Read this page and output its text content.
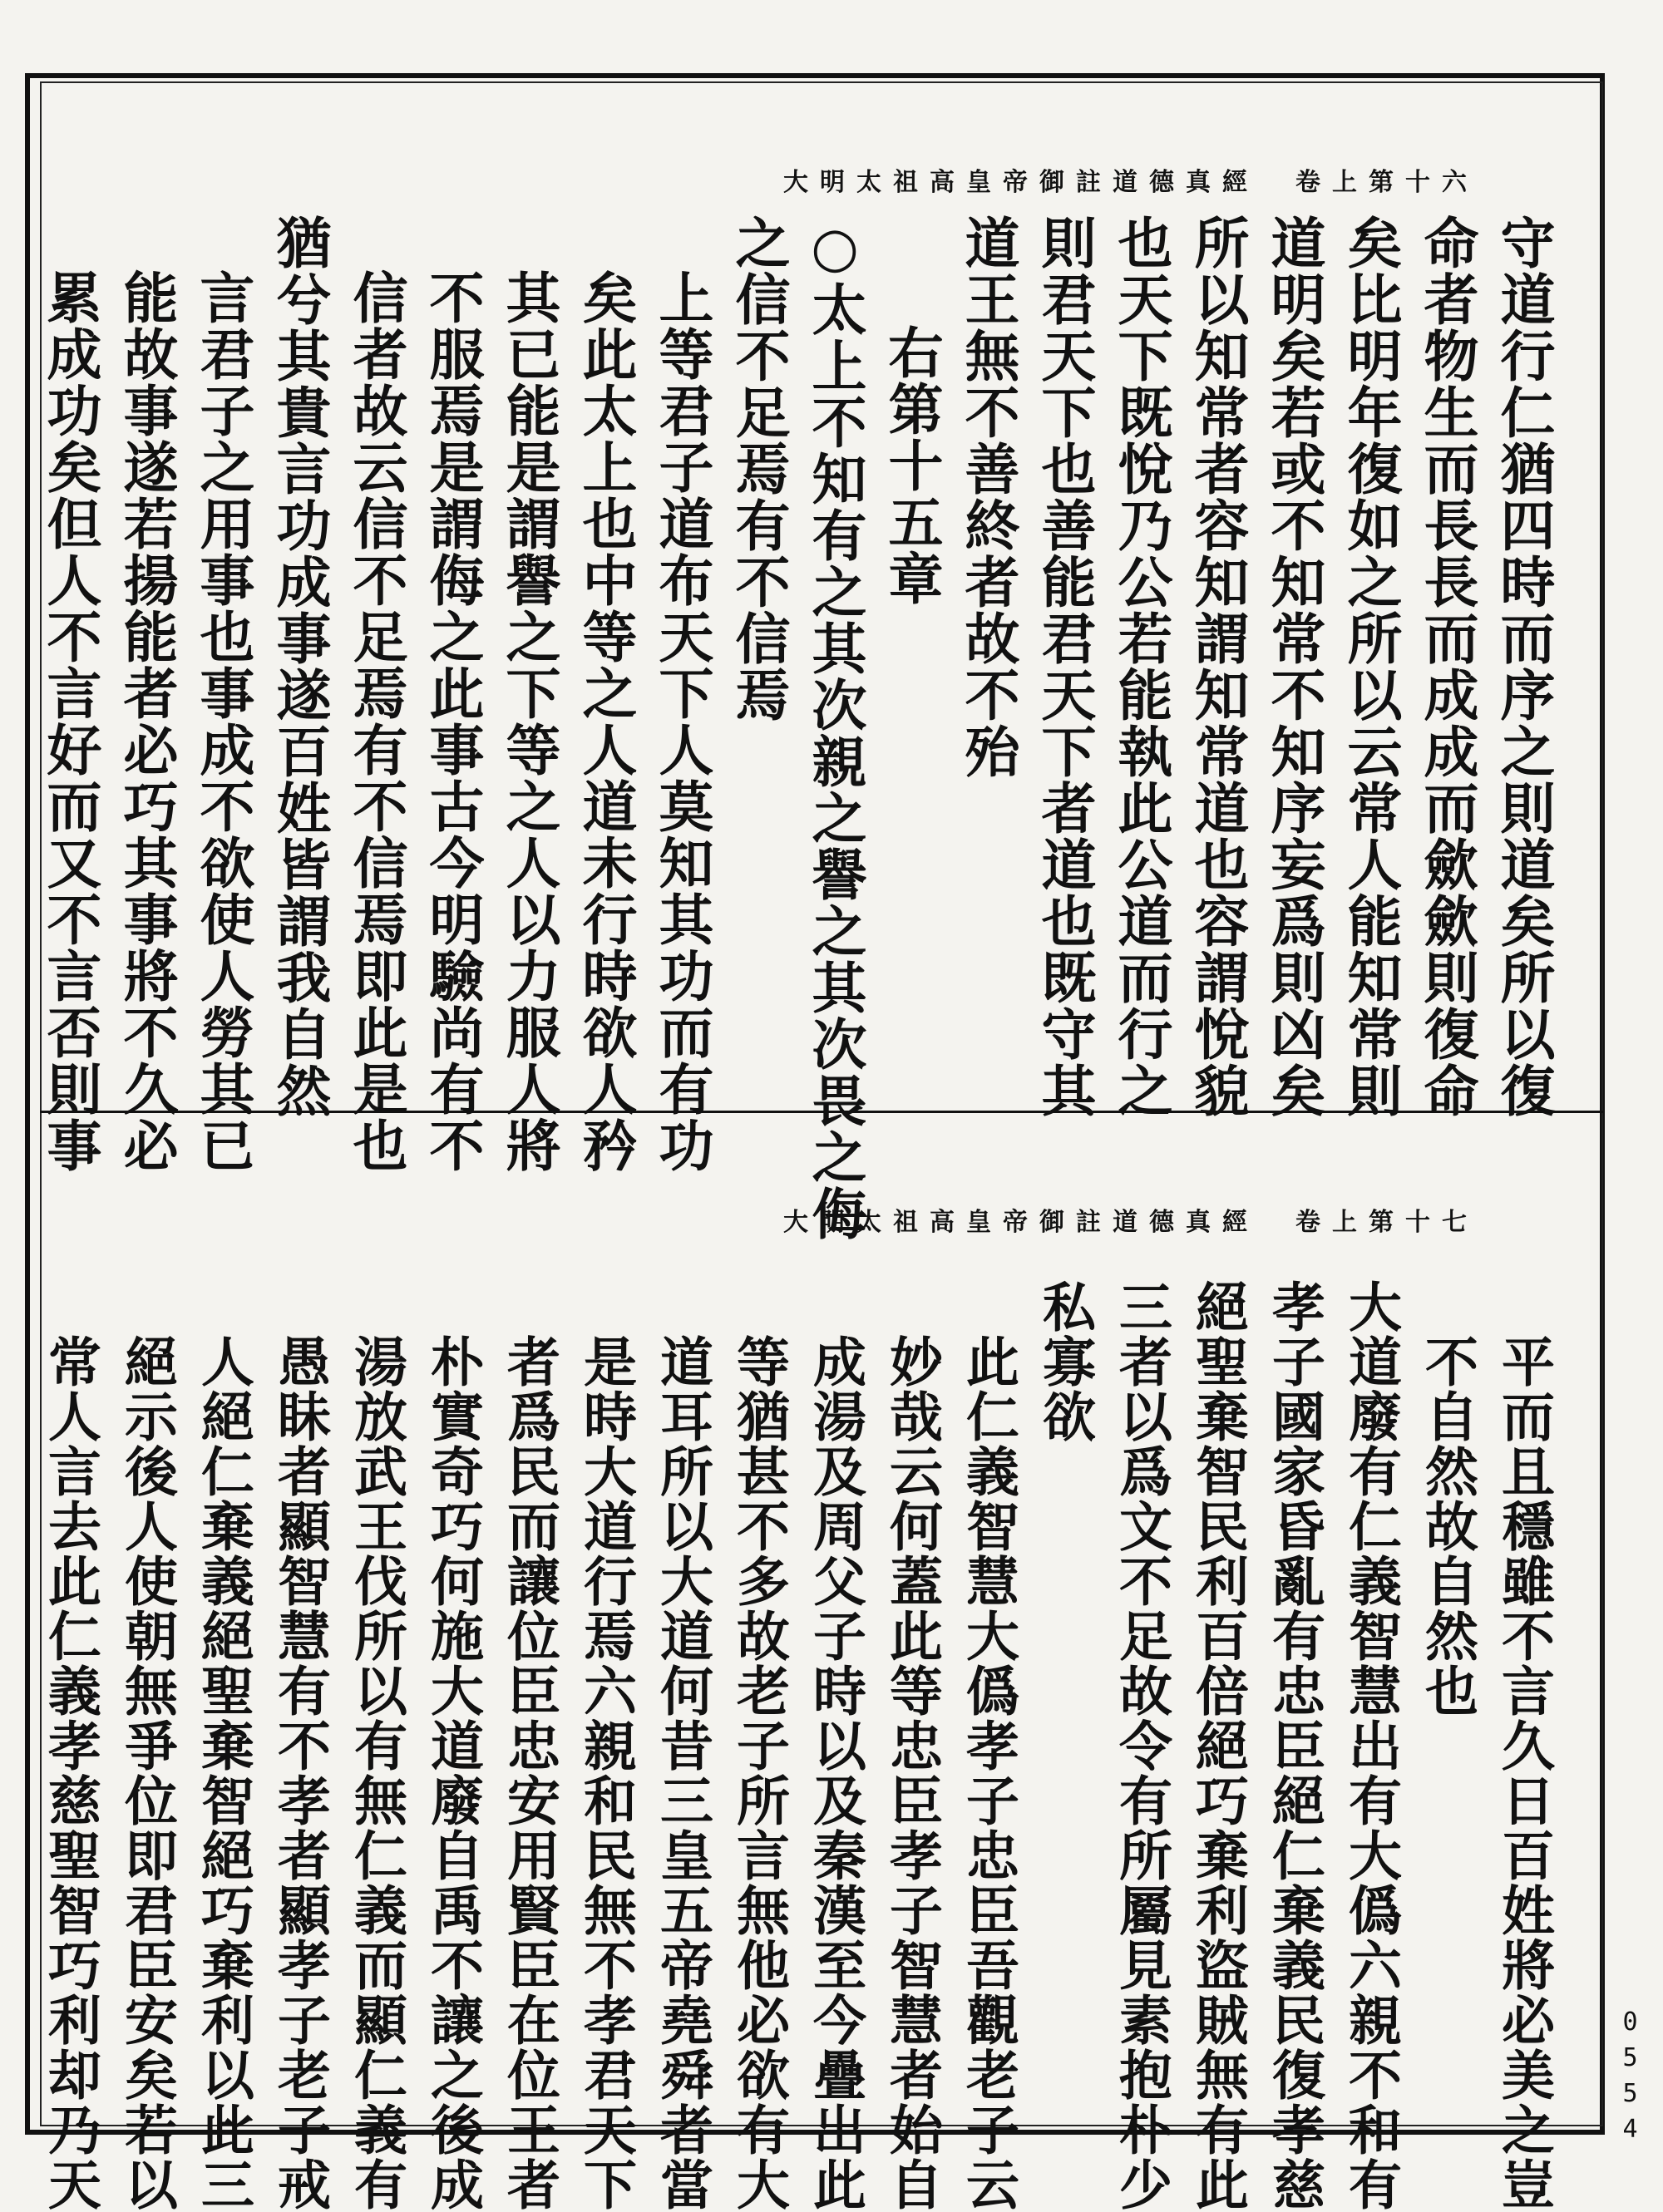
大明太祖高皇帝御註道德真經　卷上第十六
守道行仁猶四時而序之則道矣所以復
命者物生而長長而成成而歛歛則復命
矣比明年復如之所以云常人能知常則
道明矣若或不知常不知序妄爲則凶矣
所以知常者容知謂知常道也容謂悅貌
也天下既悅乃公若能執此公道而行之
則君天下也善能君天下者道也既守其
道王無不善終者故不殆
右第十五章
○太上不知有之其次親之譽之其次畏之侮
之信不足焉有不信焉
上等君子道布天下人莫知其功而有功
矣此太上也中等之人道未行時欲人矜
其已能是謂譽之下等之人以力服人將
不服焉是謂侮之此事古今明驗尚有不
信者故云信不足焉有不信焉即此是也
猶兮其貴言功成事遂百姓皆謂我自然
言君子之用事也事成不欲使人勞其已
能故事遂若揚能者必巧其事將不久必
累成功矣但人不言好而又不言否則事
大明太祖高皇帝御註道德真經　卷上第十七
平而且穩雖不言久日百姓將必美之豈
不自然故自然也
大道廢有仁義智慧出有大僞六親不和有
孝子國家昏亂有忠臣絕仁棄義民復孝慈
絕聖棄智民利百倍絕巧棄利盜賊無有此
三者以爲文不足故令有所屬見素抱朴少
私寡欲
此仁義智慧大僞孝子忠臣吾觀老子云
妙哉云何蓋此等忠臣孝子智慧者始自
成湯及周父子時以及秦漢至今疊出此
等猶甚不多故老子所言無他必欲有大
道耳所以大道何昔三皇五帝堯舜者當
是時大道行焉六親和民無不孝君天下
者爲民而讓位臣忠安用賢臣在位王者
朴實奇巧何施大道廢自禹不讓之後成
湯放武王伐所以有無仁義而顯仁義有
愚眛者顯智慧有不孝者顯孝子老子戒
人絕仁棄義絕聖棄智絕巧棄利以此三
絕示後人使朝無爭位即君臣安矣若以
常人言去此仁義孝慈聖智巧利却乃天	0554
